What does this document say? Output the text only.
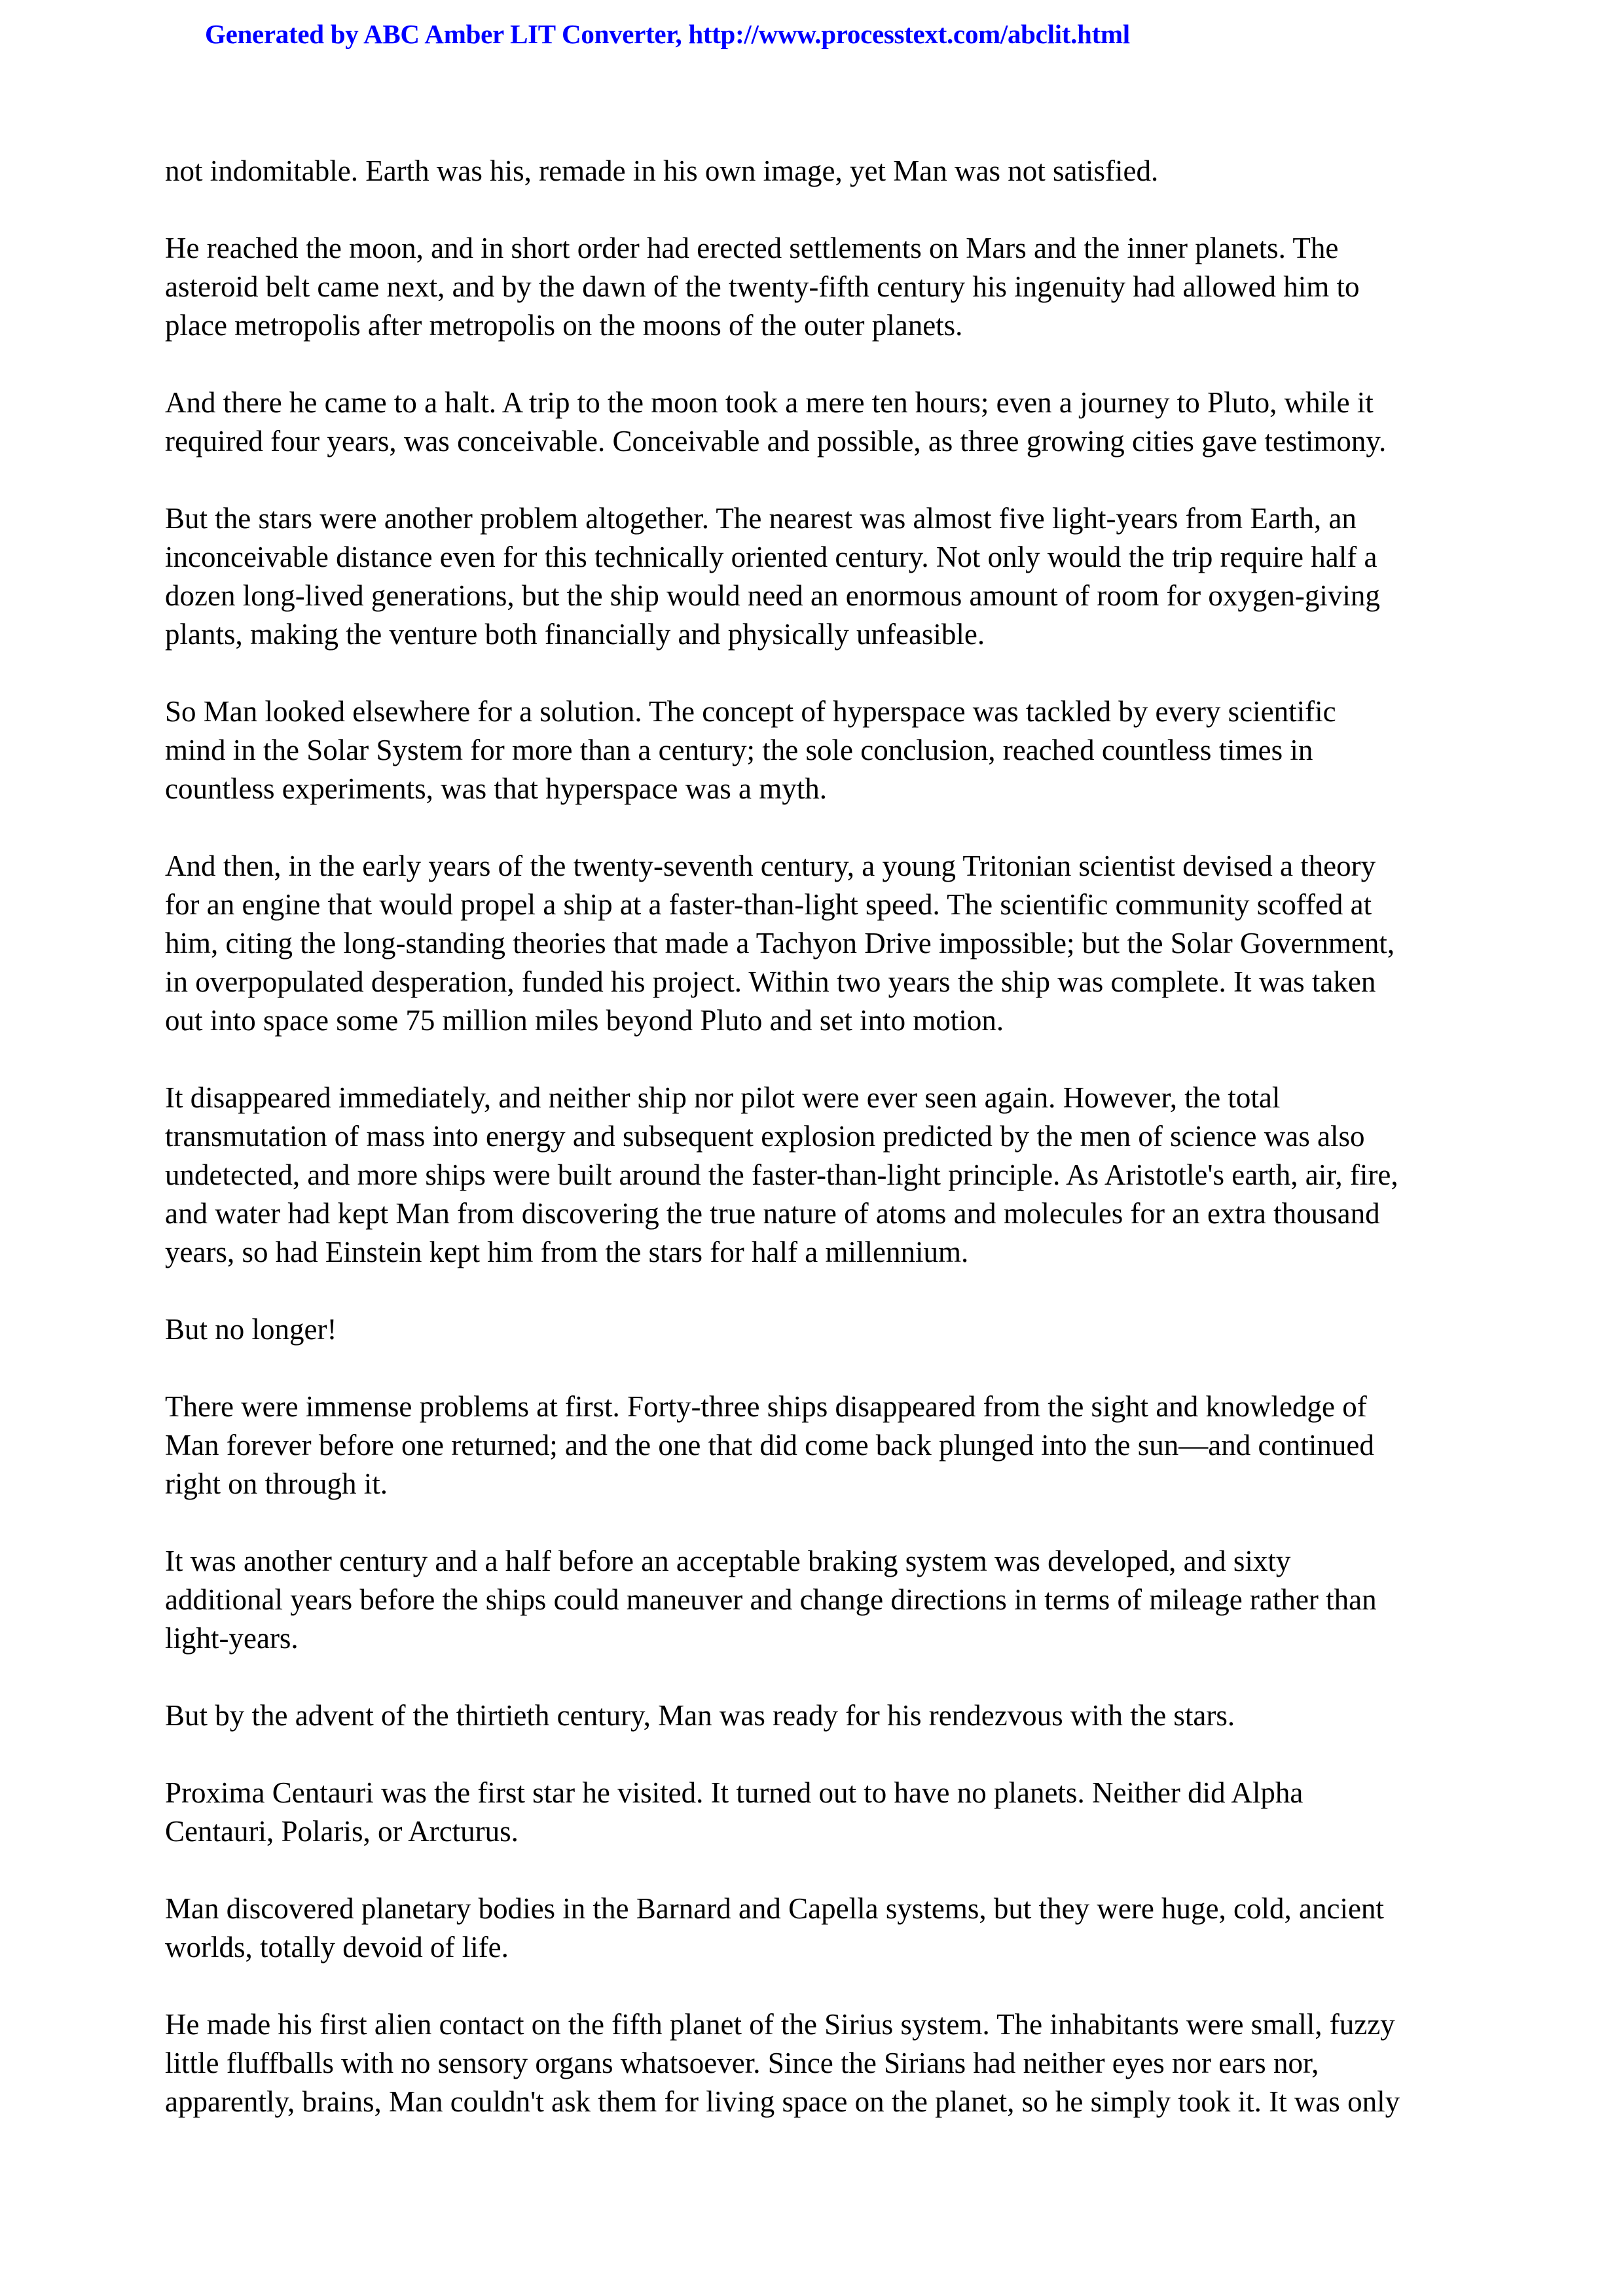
Generated by ABC Amber LIT Converter, http://www.processtext.com/abclit.html

not indomitable. Earth was his, remade in his own image, yet Man was not satisfied.

He reached the moon, and in short order had erected settlements on Mars and the inner planets. The
asteroid belt came next, and by the dawn of the twenty-fifth century his ingenuity had allowed him to
place metropolis after metropolis on the moons of the outer planets.

And there he came to a halt. A trip to the moon took a mere ten hours; even a journey to Pluto, while it
required four years, was conceivable. Conceivable and possible, as three growing cities gave testimony.

But the stars were another problem altogether. The nearest was almost five light-years from Earth, an
inconceivable distance even for this technically oriented century. Not only would the trip require half a
dozen long-lived generations, but the ship would need an enormous amount of room for oxygen-giving
plants, making the venture both financially and physically unfeasible.

So Man looked elsewhere for a solution. The concept of hyperspace was tackled by every scientific
mind in the Solar System for more than a century; the sole conclusion, reached countless times in
countless experiments, was that hyperspace was a myth.

And then, in the early years of the twenty-seventh century, a young Tritonian scientist devised a theory
for an engine that would propel a ship at a faster-than-light speed. The scientific community scoffed at
him, citing the long-standing theories that made a Tachyon Drive impossible; but the Solar Government,
in overpopulated desperation, funded his project. Within two years the ship was complete. It was taken
out into space some 75 million miles beyond Pluto and set into motion.

It disappeared immediately, and neither ship nor pilot were ever seen again. However, the total
transmutation of mass into energy and subsequent explosion predicted by the men of science was also
undetected, and more ships were built around the faster-than-light principle. As Aristotle's earth, air, fire,
and water had kept Man from discovering the true nature of atoms and molecules for an extra thousand
years, so had Einstein kept him from the stars for half a millennium.

But no longer!

There were immense problems at first. Forty-three ships disappeared from the sight and knowledge of
Man forever before one returned; and the one that did come back plunged into the sun—and continued
right on through it.

It was another century and a half before an acceptable braking system was developed, and sixty
additional years before the ships could maneuver and change directions in terms of mileage rather than
light-years.

But by the advent of the thirtieth century, Man was ready for his rendezvous with the stars.

Proxima Centauri was the first star he visited. It turned out to have no planets. Neither did Alpha
Centauri, Polaris, or Arcturus.

Man discovered planetary bodies in the Barnard and Capella systems, but they were huge, cold, ancient
worlds, totally devoid of life.

He made his first alien contact on the fifth planet of the Sirius system. The inhabitants were small, fuzzy
little fluffballs with no sensory organs whatsoever. Since the Sirians had neither eyes nor ears nor,
apparently, brains, Man couldn't ask them for living space on the planet, so he simply took it. It was only
